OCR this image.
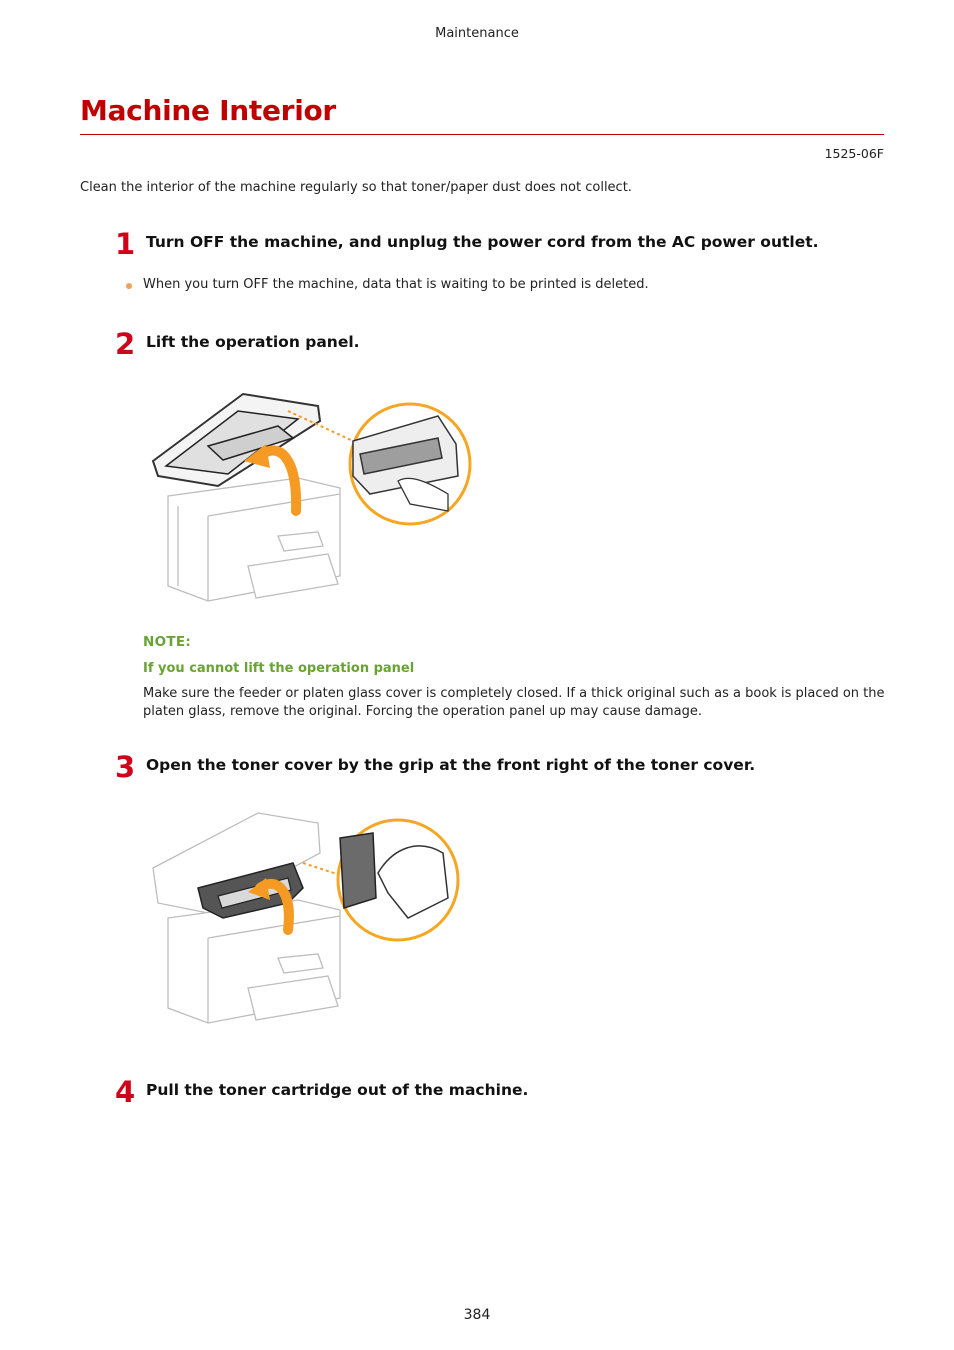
Maintenance
Machine Interior
1525-06F
Clean the interior of the machine regularly so that toner/paper dust does not collect.
1 Turn OFF the machine, and unplug the power cord from the AC power outlet.
When you turn OFF the machine, data that is waiting to be printed is deleted.
2 Lift the operation panel.
NOTE:
If you cannot lift the operation panel
Make sure the feeder or platen glass cover is completely closed. If a thick original such as a book is placed on the platen glass, remove the original. Forcing the operation panel up may cause damage.
3 Open the toner cover by the grip at the front right of the toner cover.
4 Pull the toner cartridge out of the machine.
384
